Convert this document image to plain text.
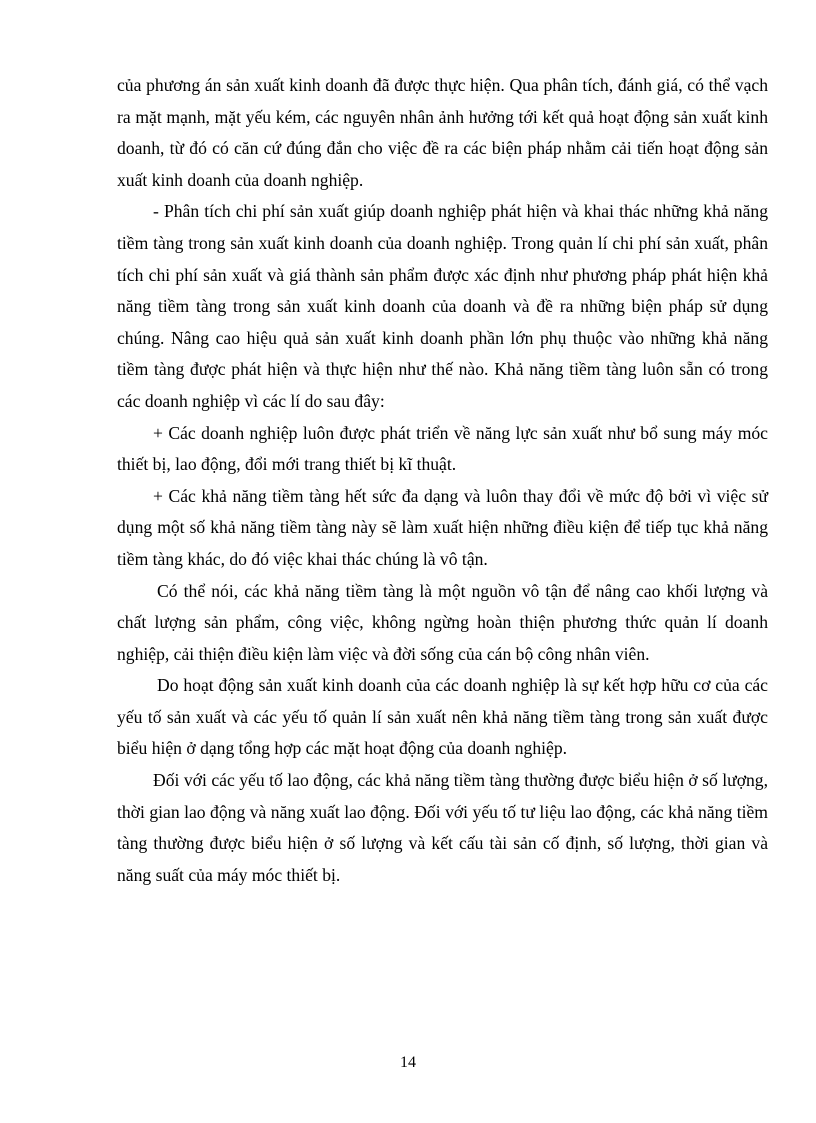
của phương án sản xuất kinh doanh đã được thực hiện. Qua phân tích, đánh giá, có thể vạch ra mặt mạnh, mặt yếu kém, các nguyên nhân ảnh hưởng tới kết quả hoạt động sản xuất kinh doanh, từ đó có căn cứ đúng đắn cho việc đề ra các biện pháp nhằm cải tiến hoạt động sản xuất kinh doanh của doanh nghiệp.

- Phân tích chi phí sản xuất giúp doanh nghiệp phát hiện và khai thác những khả năng tiềm tàng trong sản xuất kinh doanh của doanh nghiệp. Trong quản lí chi phí sản xuất, phân tích chi phí sản xuất và giá thành sản phẩm được xác định như phương pháp phát hiện khả năng tiềm tàng trong sản xuất kinh doanh của doanh và đề ra những biện pháp sử dụng chúng. Nâng cao hiệu quả sản xuất kinh doanh phần lớn phụ thuộc vào những khả năng tiềm tàng được phát hiện và thực hiện như thế nào. Khả năng tiềm tàng luôn sẵn có trong các doanh nghiệp vì các lí do sau đây:

+ Các doanh nghiệp luôn được phát triển về năng lực sản xuất như bổ sung máy móc thiết bị, lao động, đổi mới trang thiết bị kĩ thuật.

+ Các khả năng tiềm tàng hết sức đa dạng và luôn thay đổi về mức độ bởi vì việc sử dụng một số khả năng tiềm tàng này sẽ làm xuất hiện những điều kiện để tiếp tục khả năng tiềm tàng khác, do đó việc khai thác chúng là vô tận.

Có thể nói, các khả năng tiềm tàng là một nguồn vô tận để nâng cao khối lượng và chất lượng sản phẩm, công việc, không ngừng hoàn thiện phương thức quản lí doanh nghiệp, cải thiện điều kiện làm việc và đời sống của cán bộ công nhân viên.

Do hoạt động sản xuất kinh doanh của các doanh nghiệp là sự kết hợp hữu cơ của các yếu tố sản xuất và các yếu tố quản lí sản xuất nên khả năng tiềm tàng trong sản xuất được biểu hiện ở dạng tổng hợp các mặt hoạt động của doanh nghiệp.

Đối với các yếu tố lao động, các khả năng tiềm tàng thường được biểu hiện ở số lượng, thời gian lao động và năng xuất lao động. Đối với yếu tố tư liệu lao động, các khả năng tiềm tàng thường được biểu hiện ở số lượng và kết cấu tài sản cố định, số lượng, thời gian và năng suất của máy móc thiết bị.

14
